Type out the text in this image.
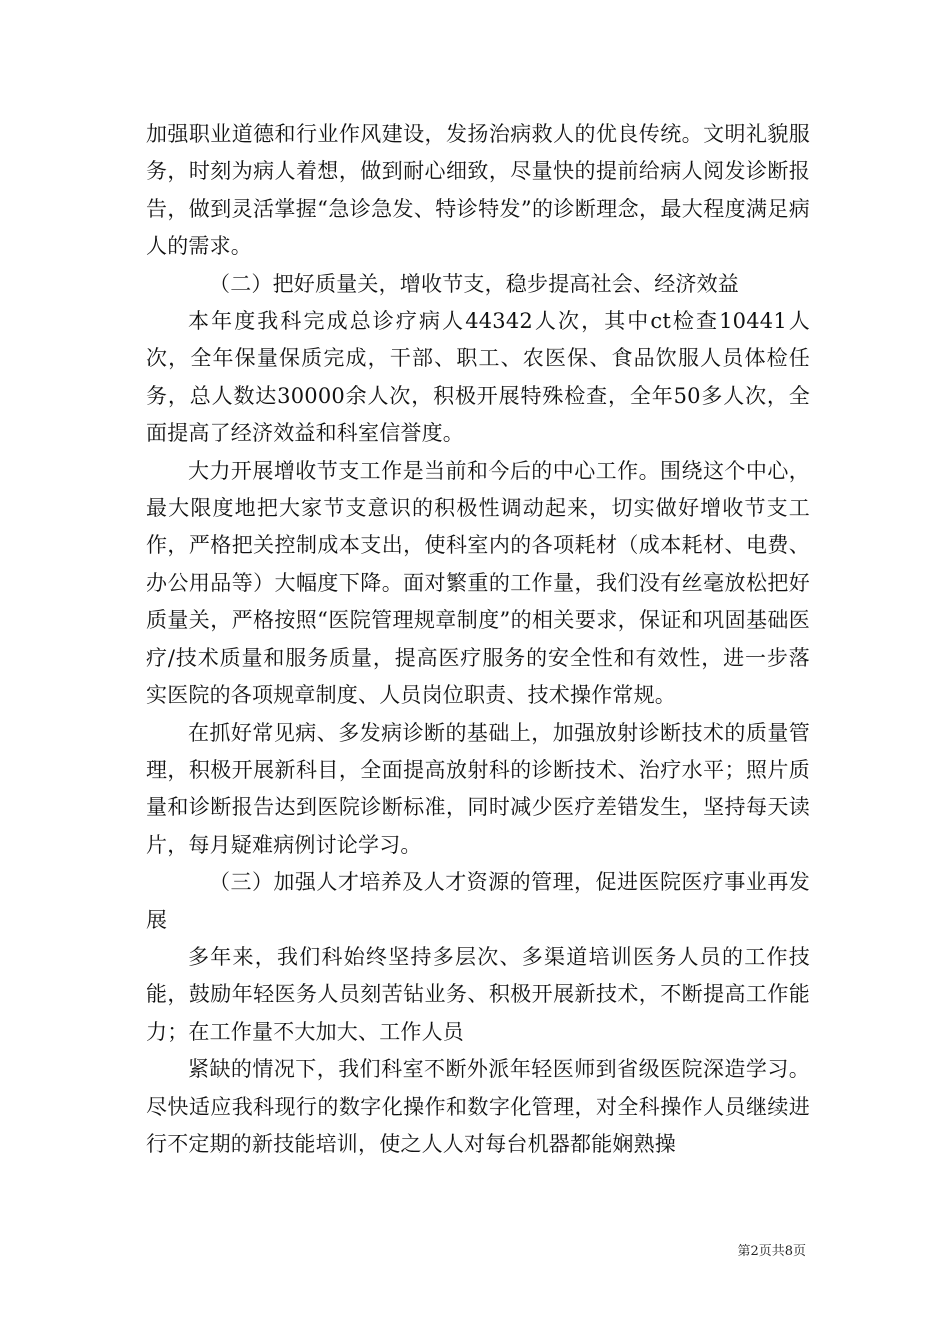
加强职业道德和行业作风建设，发扬治病救人的优良传统。文明礼貌服务，时刻为病人着想，做到耐心细致，尽量快的提前给病人阅发诊断报告，做到灵活掌握“急诊急发、特诊特发”的诊断理念，最大程度满足病人的需求。

（二）把好质量关，增收节支，稳步提高社会、经济效益

本年度我科完成总诊疗病人44342人次，其中ct检查10441人次，全年保量保质完成，干部、职工、农医保、食品饮服人员体检任务，总人数达30000余人次，积极开展特殊检查，全年50多人次，全面提高了经济效益和科室信誉度。

大力开展增收节支工作是当前和今后的中心工作。围绕这个中心，最大限度地把大家节支意识的积极性调动起来，切实做好增收节支工作，严格把关控制成本支出，使科室内的各项耗材（成本耗材、电费、办公用品等）大幅度下降。面对繁重的工作量，我们没有丝毫放松把好质量关，严格按照“医院管理规章制度”的相关要求，保证和巩固基础医疗/技术质量和服务质量，提高医疗服务的安全性和有效性，进一步落实医院的各项规章制度、人员岗位职责、技术操作常规。

在抓好常见病、多发病诊断的基础上，加强放射诊断技术的质量管理，积极开展新科目，全面提高放射科的诊断技术、治疗水平；照片质量和诊断报告达到医院诊断标准，同时减少医疗差错发生，坚持每天读片，每月疑难病例讨论学习。

（三）加强人才培养及人才资源的管理，促进医院医疗事业再发展

多年来，我们科始终坚持多层次、多渠道培训医务人员的工作技能，鼓励年轻医务人员刻苦钻业务、积极开展新技术，不断提高工作能力；在工作量不大加大、工作人员

紧缺的情况下，我们科室不断外派年轻医师到省级医院深造学习。尽快适应我科现行的数字化操作和数字化管理，对全科操作人员继续进行不定期的新技能培训，使之人人对每台机器都能娴熟操

第2页共8页
